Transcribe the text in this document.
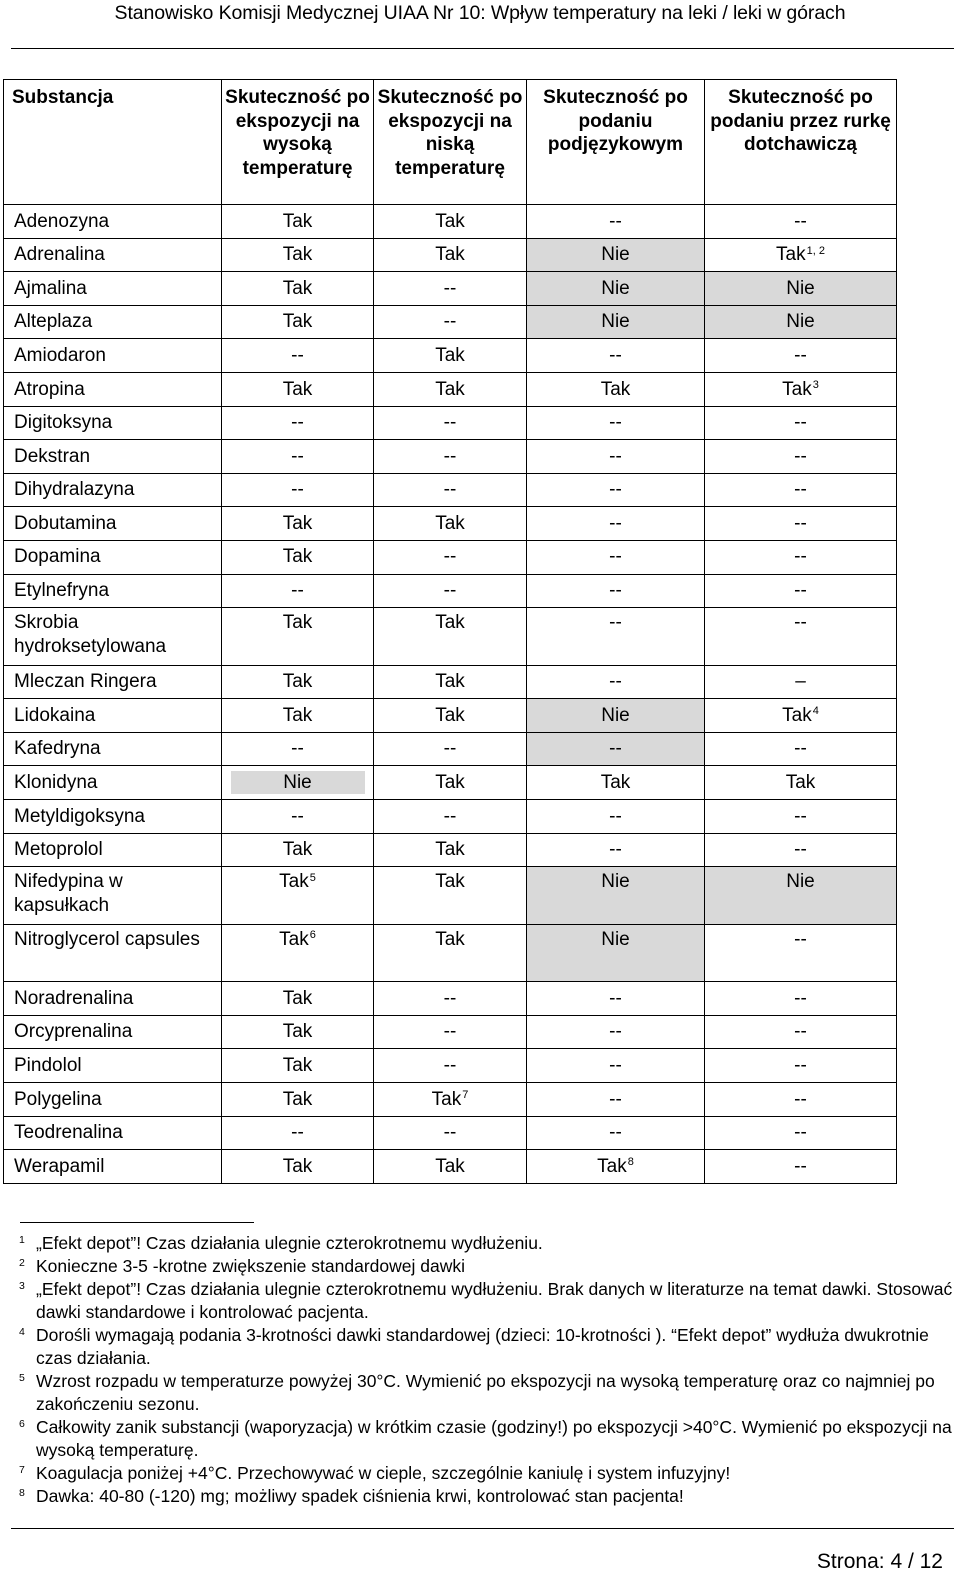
Stanowisko Komisji Medycznej UIAA Nr 10: Wpływ temperatury na leki / leki w górach
Substancja	Skuteczność po ekspozycji na wysoką temperaturę	Skuteczność po ekspozycji na niską temperaturę	Skuteczność po podaniu podjęzykowym	Skuteczność po podaniu przez rurkę dotchawiczą
Adenozyna	Tak	Tak	--	--
Adrenalina	Tak	Tak	Nie	Tak$^{1, 2}$
Ajmalina	Tak	--	Nie	Nie
Alteplaza	Tak	--	Nie	Nie
Amiodaron	--	Tak	--	--
Atropina	Tak	Tak	Tak	Tak$^3$
Digitoksyna	--	--	--	--
Dekstran	--	--	--	--
Dihydralazyna	--	--	--	--
Dobutamina	Tak	Tak	--	--
Dopamina	Tak	--	--	--
Etylnefryna	--	--	--	--
Skrobia hydroksetylowana	Tak	Tak	--	--
Mleczan Ringera	Tak	Tak	--	–
Lidokaina	Tak	Tak	Nie	Tak$^4$
Kafedryna	--	--	--	--
Klonidyna	Nie	Tak	Tak	Tak
Metyldigoksyna	--	--	--	--
Metoprolol	Tak	Tak	--	--
Nifedypina w kapsułkach	Tak$^5$	Tak	Nie	Nie
Nitroglycerol capsules	Tak$^6$	Tak	Nie	--
Noradrenalina	Tak	--	--	--
Orcyprenalina	Tak	--	--	--
Pindolol	Tak	--	--	--
Polygelina	Tak	Tak$^7$	--	--
Teodrenalina	--	--	--	--
Werapamil	Tak	Tak	Tak$^8$	--
1 „Efekt depot”! Czas działania ulegnie czterokrotnemu wydłużeniu.
2 Konieczne 3-5 -krotne zwiększenie standardowej dawki
3 „Efekt depot”! Czas działania ulegnie czterokrotnemu wydłużeniu. Brak danych w literaturze na temat dawki. Stosować dawki standardowe i kontrolować pacjenta.
4 Dorośli wymagają podania 3-krotności dawki standardowej (dzieci: 10-krotności ). “Efekt depot” wydłuża dwukrotnie czas działania.
5 Wzrost rozpadu w temperaturze powyżej 30°C. Wymienić po ekspozycji na wysoką temperaturę oraz co najmniej po zakończeniu sezonu.
6 Całkowity zanik substancji (waporyzacja) w krótkim czasie (godziny!) po ekspozycji >40°C. Wymienić po ekspozycji na wysoką temperaturę.
7 Koagulacja poniżej +4°C. Przechowywać w cieple, szczególnie kaniulę i system infuzyjny!
8 Dawka: 40-80 (-120) mg; możliwy spadek ciśnienia krwi, kontrolować stan pacjenta!
Strona: 4 / 12
